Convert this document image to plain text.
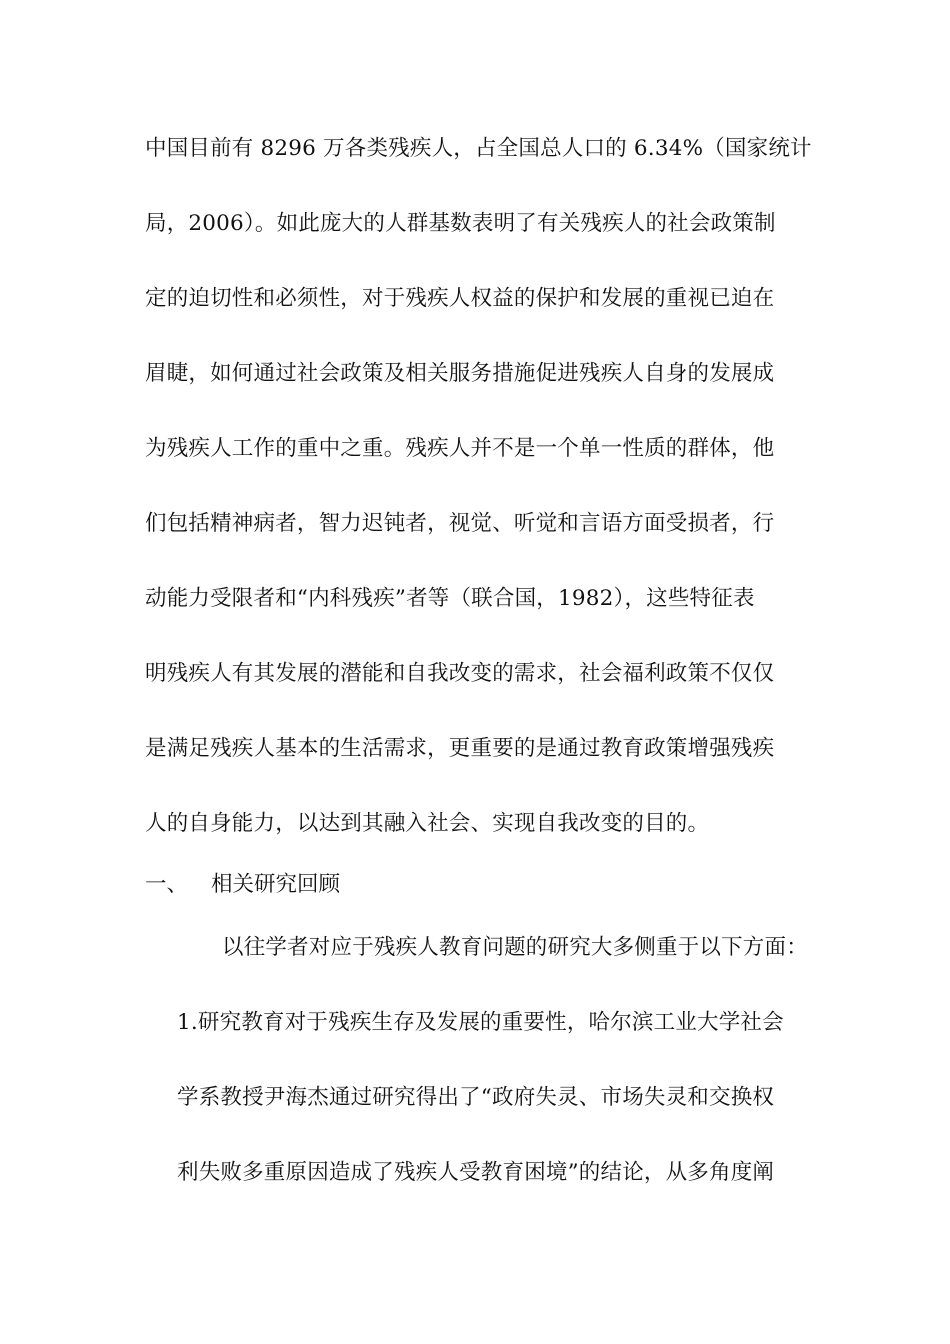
中国目前有 8296 万各类残疾人，占全国总人口的 6.34%（国家统计
局，2006）。如此庞大的人群基数表明了有关残疾人的社会政策制
定的迫切性和必须性，对于残疾人权益的保护和发展的重视已迫在
眉睫，如何通过社会政策及相关服务措施促进残疾人自身的发展成
为残疾人工作的重中之重。残疾人并不是一个单一性质的群体，他
们包括精神病者，智力迟钝者，视觉、听觉和言语方面受损者，行
动能力受限者和“内科残疾”者等（联合国，1982），这些特征表
明残疾人有其发展的潜能和自我改变的需求，社会福利政策不仅仅
是满足残疾人基本的生活需求，更重要的是通过教育政策增强残疾
人的自身能力，以达到其融入社会、实现自我改变的目的。
一、 相关研究回顾
以往学者对应于残疾人教育问题的研究大多侧重于以下方面：
1.研究教育对于残疾生存及发展的重要性，哈尔滨工业大学社会
学系教授尹海杰通过研究得出了“政府失灵、市场失灵和交换权
利失败多重原因造成了残疾人受教育困境”的结论，从多角度阐
